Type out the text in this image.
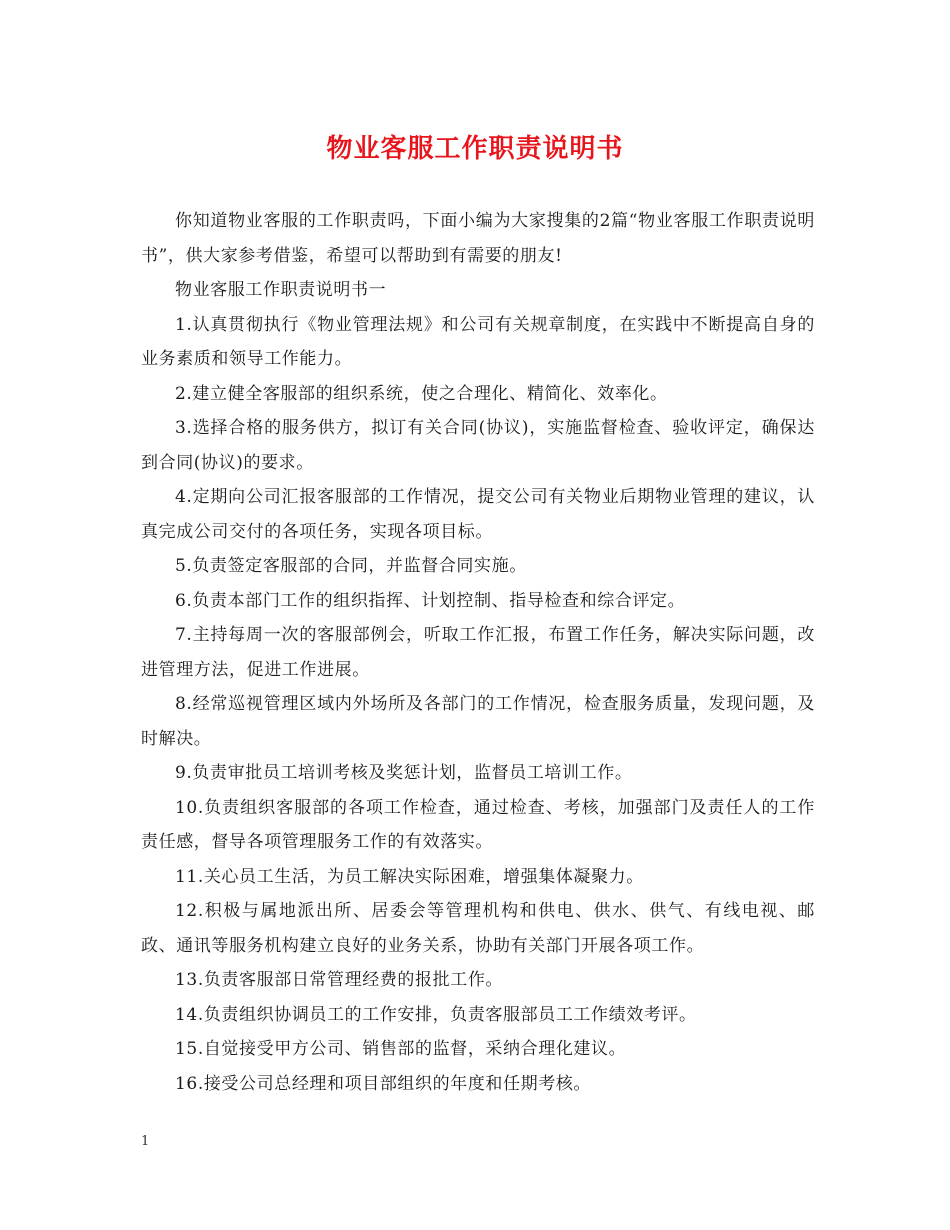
物业客服工作职责说明书

你知道物业客服的工作职责吗，下面小编为大家搜集的2篇“物业客服工作职责说明书”，供大家参考借鉴，希望可以帮助到有需要的朋友!

物业客服工作职责说明书一

1.认真贯彻执行《物业管理法规》和公司有关规章制度，在实践中不断提高自身的业务素质和领导工作能力。

2.建立健全客服部的组织系统，使之合理化、精简化、效率化。

3.选择合格的服务供方，拟订有关合同(协议)，实施监督检查、验收评定，确保达到合同(协议)的要求。

4.定期向公司汇报客服部的工作情况，提交公司有关物业后期物业管理的建议，认真完成公司交付的各项任务，实现各项目标。

5.负责签定客服部的合同，并监督合同实施。

6.负责本部门工作的组织指挥、计划控制、指导检查和综合评定。

7.主持每周一次的客服部例会，听取工作汇报，布置工作任务，解决实际问题，改进管理方法，促进工作进展。

8.经常巡视管理区域内外场所及各部门的工作情况，检查服务质量，发现问题，及时解决。

9.负责审批员工培训考核及奖惩计划，监督员工培训工作。

10.负责组织客服部的各项工作检查，通过检查、考核，加强部门及责任人的工作责任感，督导各项管理服务工作的有效落实。

11.关心员工生活，为员工解决实际困难，增强集体凝聚力。

12.积极与属地派出所、居委会等管理机构和供电、供水、供气、有线电视、邮政、通讯等服务机构建立良好的业务关系，协助有关部门开展各项工作。

13.负责客服部日常管理经费的报批工作。

14.负责组织协调员工的工作安排，负责客服部员工工作绩效考评。

15.自觉接受甲方公司、销售部的监督，采纳合理化建议。

16.接受公司总经理和项目部组织的年度和任期考核。

1
